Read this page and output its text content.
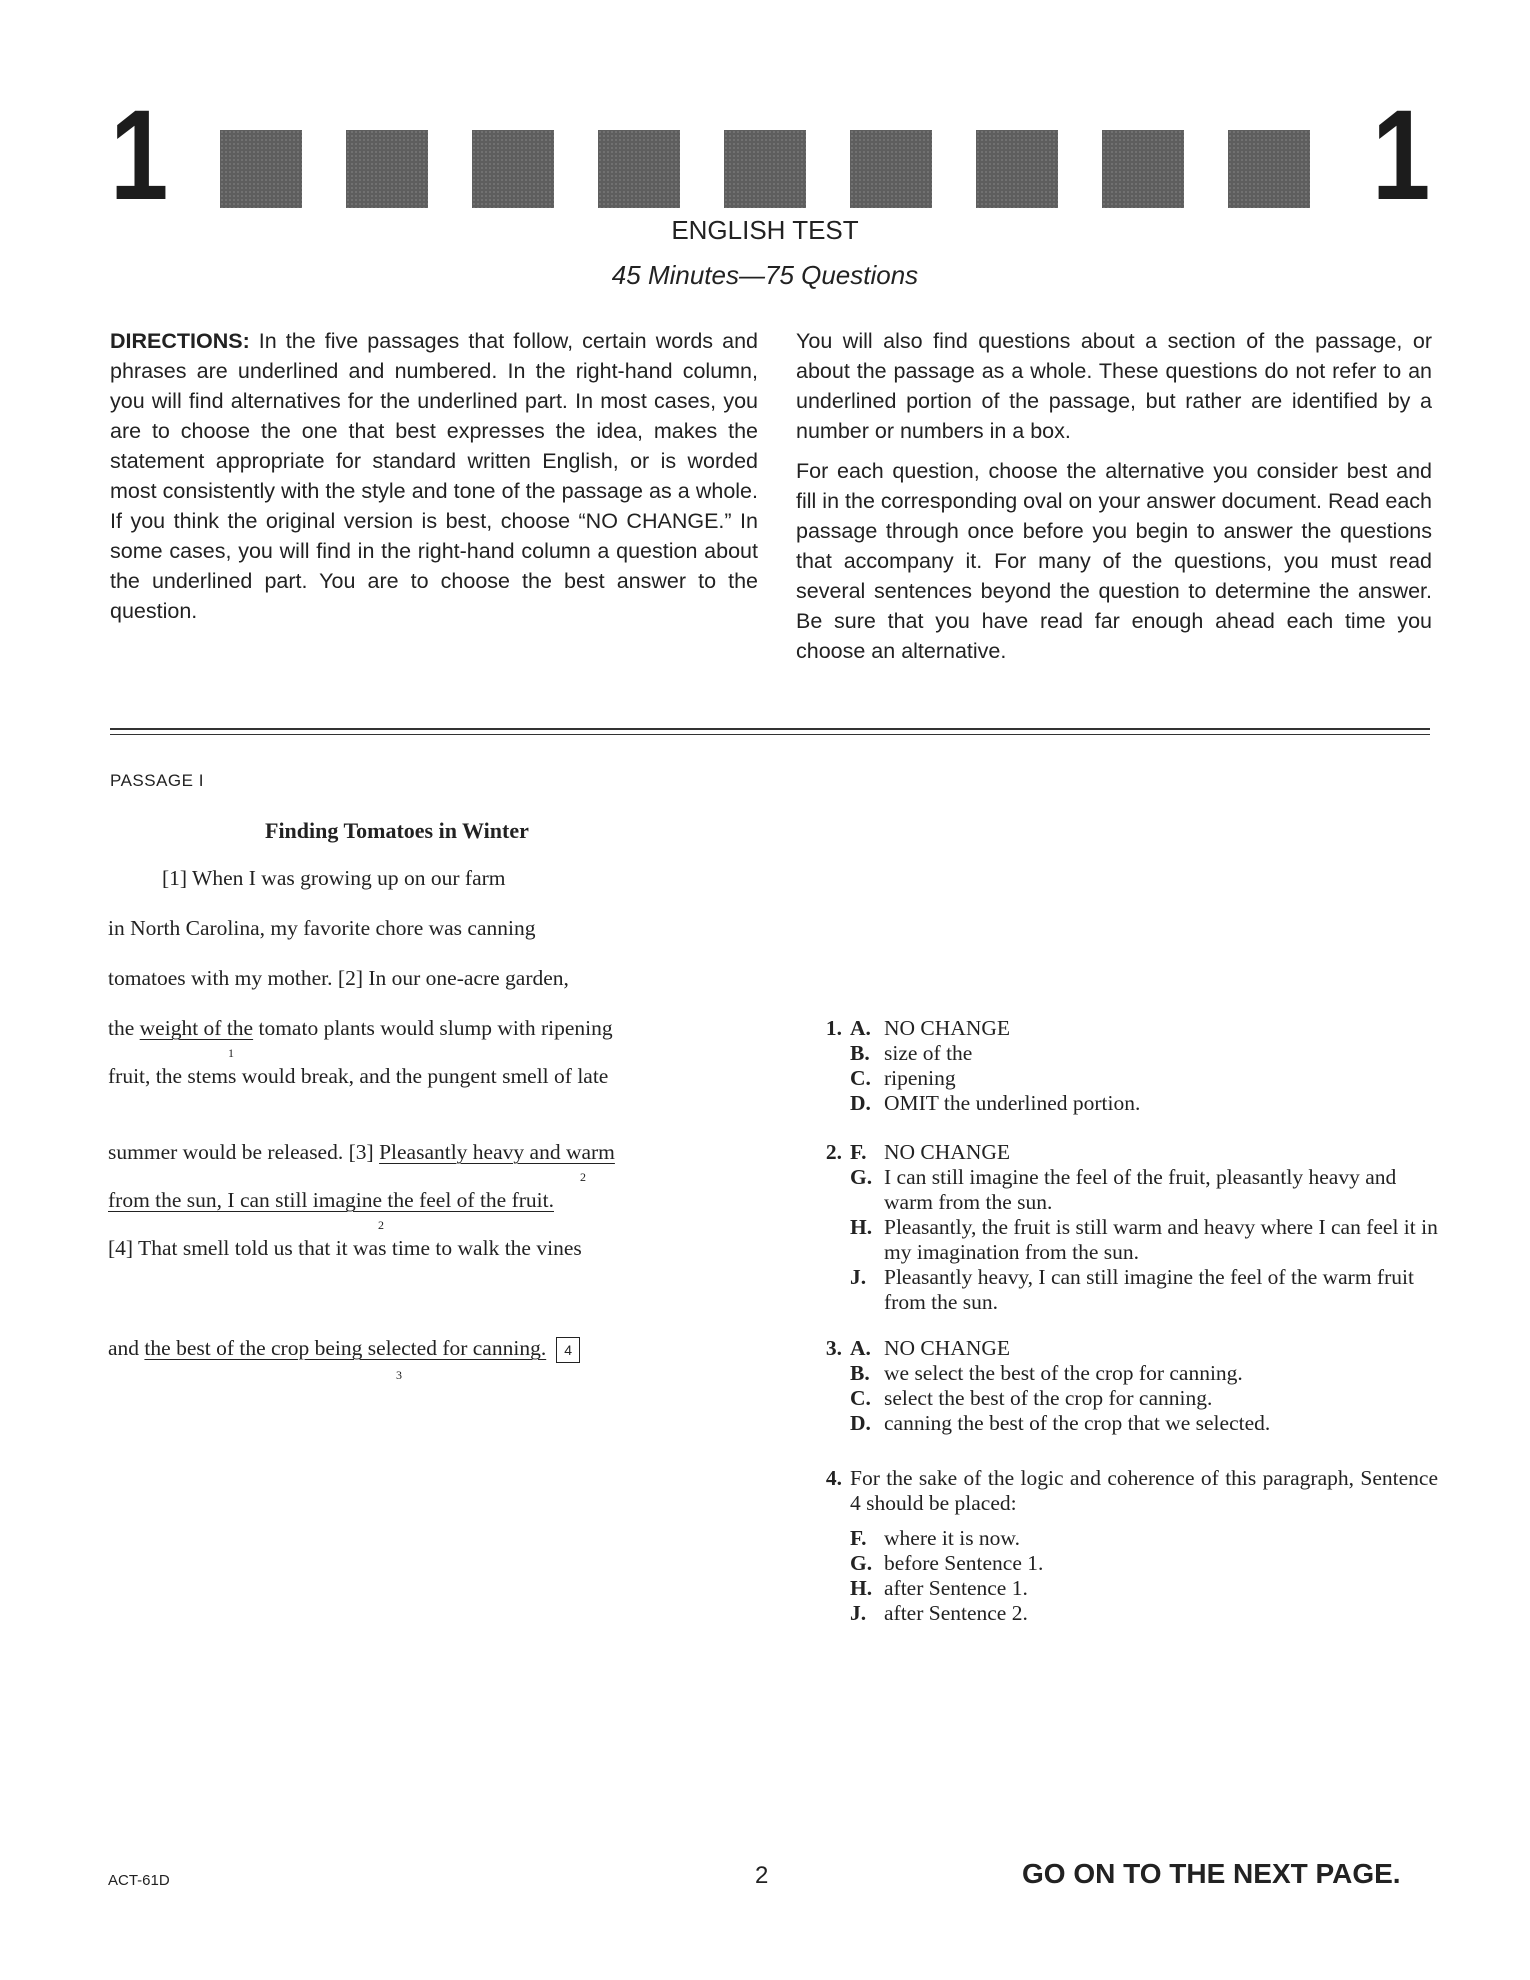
1	1
ENGLISH TEST
45 Minutes—75 Questions

DIRECTIONS: In the five passages that follow, certain words and phrases are underlined and numbered. In the right-hand column, you will find alternatives for the underlined part. In most cases, you are to choose the one that best expresses the idea, makes the statement appropriate for standard written English, or is worded most consistently with the style and tone of the passage as a whole. If you think the original version is best, choose “NO CHANGE.” In some cases, you will find in the right-hand column a question about the underlined part. You are to choose the best answer to the question.

You will also find questions about a section of the passage, or about the passage as a whole. These questions do not refer to an underlined portion of the passage, but rather are identified by a number or numbers in a box.

For each question, choose the alternative you consider best and fill in the corresponding oval on your answer document. Read each passage through once before you begin to answer the questions that accompany it. For many of the questions, you must read several sentences beyond the question to determine the answer. Be sure that you have read far enough ahead each time you choose an alternative.

PASSAGE I
Finding Tomatoes in Winter
[1] When I was growing up on our farm
in North Carolina, my favorite chore was canning
tomatoes with my mother. [2] In our one-acre garden,
the weight of the tomato plants would slump with ripening
1
fruit, the stems would break, and the pungent smell of late
summer would be released. [3] Pleasantly heavy and warm
2
from the sun, I can still imagine the feel of the fruit.
2
[4] That smell told us that it was time to walk the vines
and the best of the crop being selected for canning. 4
3
1. A. NO CHANGE
B. size of the
C. ripening
D. OMIT the underlined portion.
2. F. NO CHANGE
G. I can still imagine the feel of the fruit, pleasantly heavy and warm from the sun.
H. Pleasantly, the fruit is still warm and heavy where I can feel it in my imagination from the sun.
J. Pleasantly heavy, I can still imagine the feel of the warm fruit from the sun.
3. A. NO CHANGE
B. we select the best of the crop for canning.
C. select the best of the crop for canning.
D. canning the best of the crop that we selected.
4. For the sake of the logic and coherence of this paragraph, Sentence 4 should be placed:
F. where it is now.
G. before Sentence 1.
H. after Sentence 1.
J. after Sentence 2.
ACT-61D	2	GO ON TO THE NEXT PAGE.
